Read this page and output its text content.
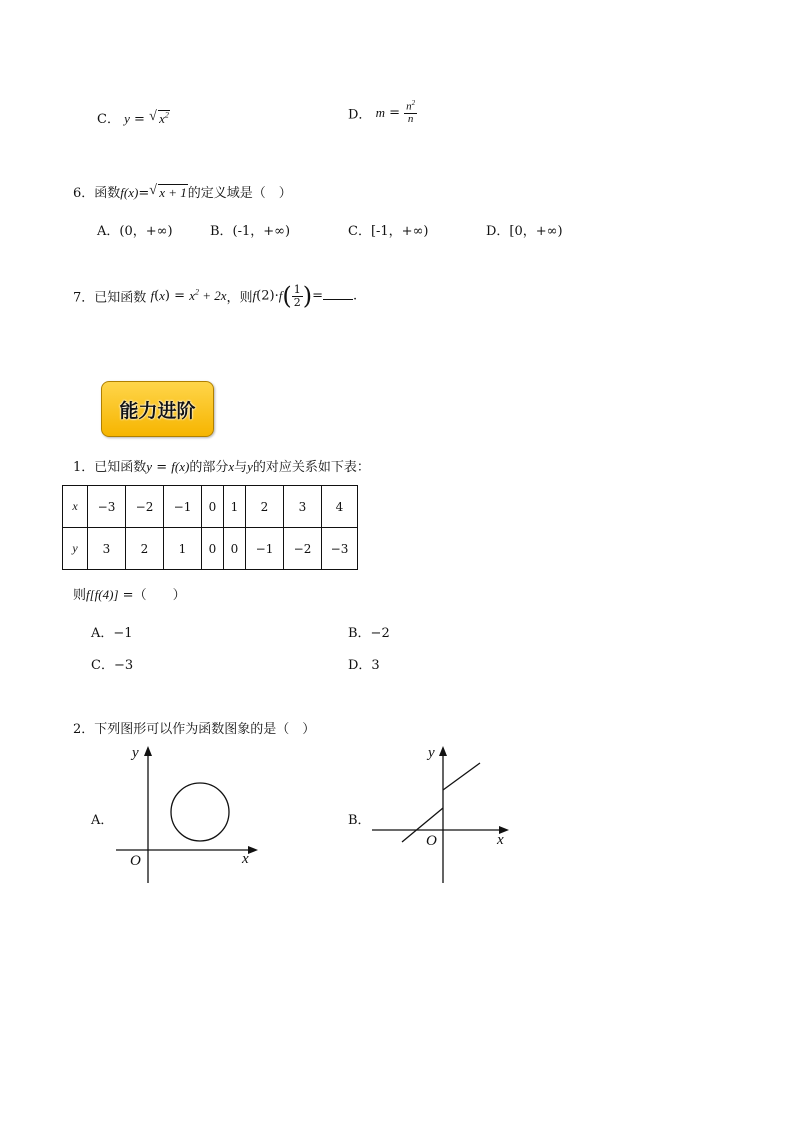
C． y = √ $x^2$	D． $m = \frac{n^2}{n}$
6．函数f(x)= √ x + 1的定义域是（　）
A．(0，+∞)	B．(-1，+∞)	C．[-1，+∞)	D．[0，+∞)
7．已知函数 $f(x) = x^2 + 2x$，则$f(2)\cdot f( \frac{1}{2}$ )= .
能力进阶
1．已知函数y = f(x)的部分x与y的对应关系如下表：
x	−3	−2	−1	0	1	2	3	4
y	3	2	1	0	0	−1	−2	−3
则f[f(4)] =（　　）
A．−1	B．−2
C．−3	D．3
2．下列图形可以作为函数图象的是（　）
A．
y
x
O
B．
y
x
O
